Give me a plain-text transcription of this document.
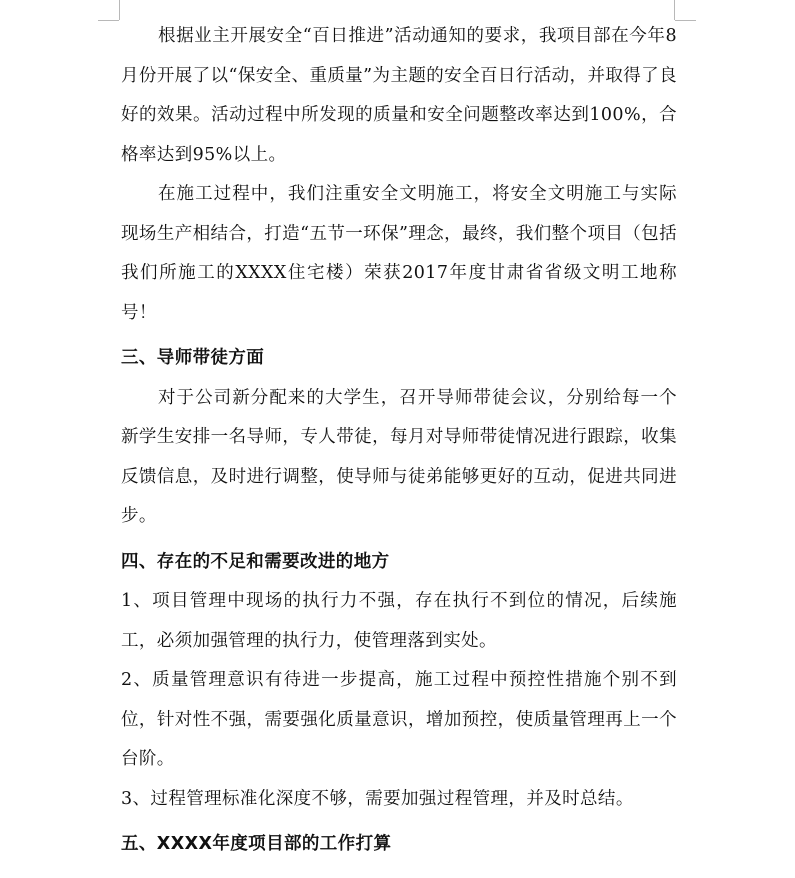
根据业主开展安全“百日推进”活动通知的要求，我项目部在今年8月份开展了以“保安全、重质量”为主题的安全百日行活动，并取得了良好的效果。活动过程中所发现的质量和安全问题整改率达到100%，合格率达到95%以上。

在施工过程中，我们注重安全文明施工，将安全文明施工与实际现场生产相结合，打造“五节一环保”理念，最终，我们整个项目（包括我们所施工的XXXX住宅楼）荣获2017年度甘肃省省级文明工地称号！

三、导师带徒方面

对于公司新分配来的大学生，召开导师带徒会议，分别给每一个新学生安排一名导师，专人带徒，每月对导师带徒情况进行跟踪，收集反馈信息，及时进行调整，使导师与徒弟能够更好的互动，促进共同进步。

四、存在的不足和需要改进的地方

1、项目管理中现场的执行力不强，存在执行不到位的情况，后续施工，必须加强管理的执行力，使管理落到实处。

2、质量管理意识有待进一步提高，施工过程中预控性措施个别不到位，针对性不强，需要强化质量意识，增加预控，使质量管理再上一个台阶。

3、过程管理标准化深度不够，需要加强过程管理，并及时总结。

五、XXXX年度项目部的工作打算
